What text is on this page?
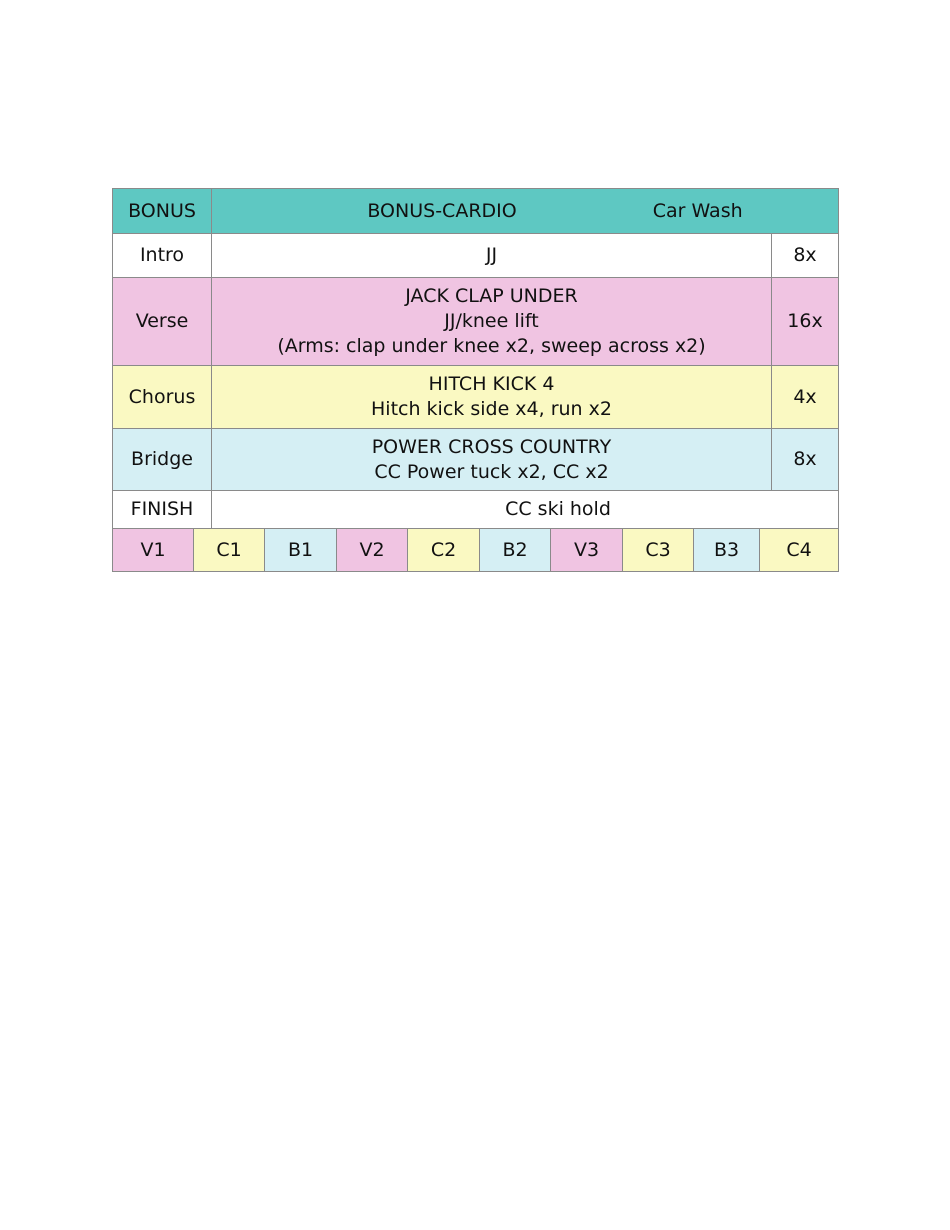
BONUS	BONUS-CARDIO Car Wash	

Intro	JJ	8x
Verse	JACK CLAP UNDER
JJ/knee lift
(Arms: clap under knee x2, sweep across x2)	16x
Chorus	HITCH KICK 4
Hitch kick side x4, run x2	4x
Bridge	POWER CROSS COUNTRY
CC Power tuck x2, CC x2	8x
FINISH	CC ski hold	
V1	C1	B1	V2	C2	B2	V3	C3	B3	C4
